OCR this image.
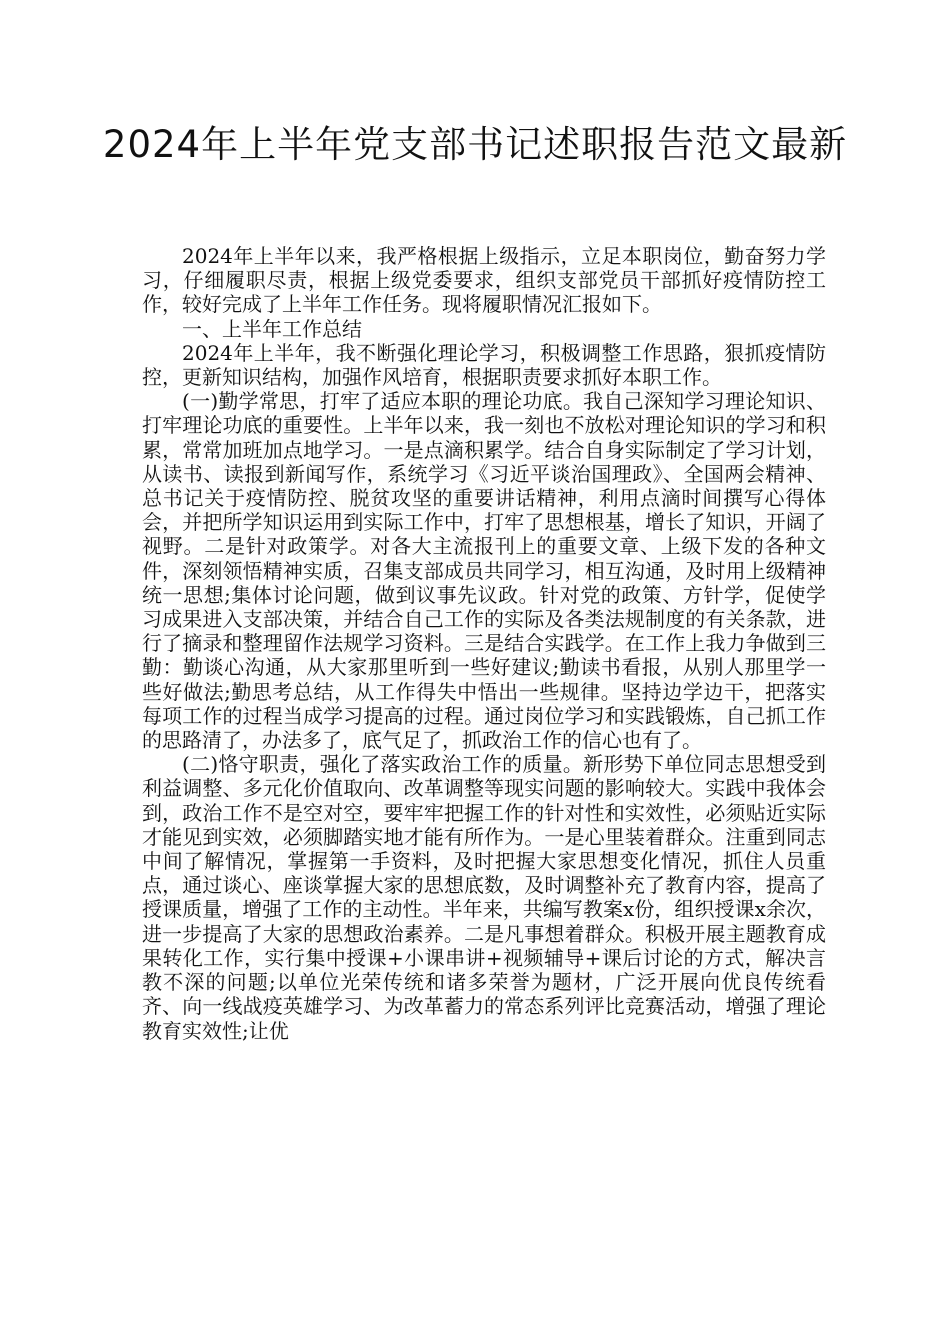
2024年上半年党支部书记述职报告范文最新

2024年上半年以来，我严格根据上级指示，立足本职岗位，勤奋努力学习，仔细履职尽责，根据上级党委要求，组织支部党员干部抓好疫情防控工作，较好完成了上半年工作任务。现将履职情况汇报如下。

一、上半年工作总结

2024年上半年，我不断强化理论学习，积极调整工作思路，狠抓疫情防控，更新知识结构，加强作风培育，根据职责要求抓好本职工作。

(一)勤学常思，打牢了适应本职的理论功底。我自己深知学习理论知识、打牢理论功底的重要性。上半年以来，我一刻也不放松对理论知识的学习和积累，常常加班加点地学习。一是点滴积累学。结合自身实际制定了学习计划，从读书、读报到新闻写作，系统学习《习近平谈治国理政》、全国两会精神、总书记关于疫情防控、脱贫攻坚的重要讲话精神，利用点滴时间撰写心得体会，并把所学知识运用到实际工作中，打牢了思想根基，增长了知识，开阔了视野。二是针对政策学。对各大主流报刊上的重要文章、上级下发的各种文件，深刻领悟精神实质，召集支部成员共同学习，相互沟通，及时用上级精神统一思想;集体讨论问题，做到议事先议政。针对党的政策、方针学，促使学习成果进入支部决策，并结合自己工作的实际及各类法规制度的有关条款，进行了摘录和整理留作法规学习资料。三是结合实践学。在工作上我力争做到三勤：勤谈心沟通，从大家那里听到一些好建议;勤读书看报，从别人那里学一些好做法;勤思考总结，从工作得失中悟出一些规律。坚持边学边干，把落实每项工作的过程当成学习提高的过程。通过岗位学习和实践锻炼，自己抓工作的思路清了，办法多了，底气足了，抓政治工作的信心也有了。

(二)恪守职责，强化了落实政治工作的质量。新形势下单位同志思想受到利益调整、多元化价值取向、改革调整等现实问题的影响较大。实践中我体会到，政治工作不是空对空，要牢牢把握工作的针对性和实效性，必须贴近实际才能见到实效，必须脚踏实地才能有所作为。一是心里装着群众。注重到同志中间了解情况，掌握第一手资料，及时把握大家思想变化情况，抓住人员重点，通过谈心、座谈掌握大家的思想底数，及时调整补充了教育内容，提高了授课质量，增强了工作的主动性。半年来，共编写教案x份，组织授课x余次，进一步提高了大家的思想政治素养。二是凡事想着群众。积极开展主题教育成果转化工作，实行集中授课+小课串讲+视频辅导+课后讨论的方式，解决言教不深的问题;以单位光荣传统和诸多荣誉为题材，广泛开展向优良传统看齐、向一线战疫英雄学习、为改革蓄力的常态系列评比竞赛活动，增强了理论教育实效性;让优
